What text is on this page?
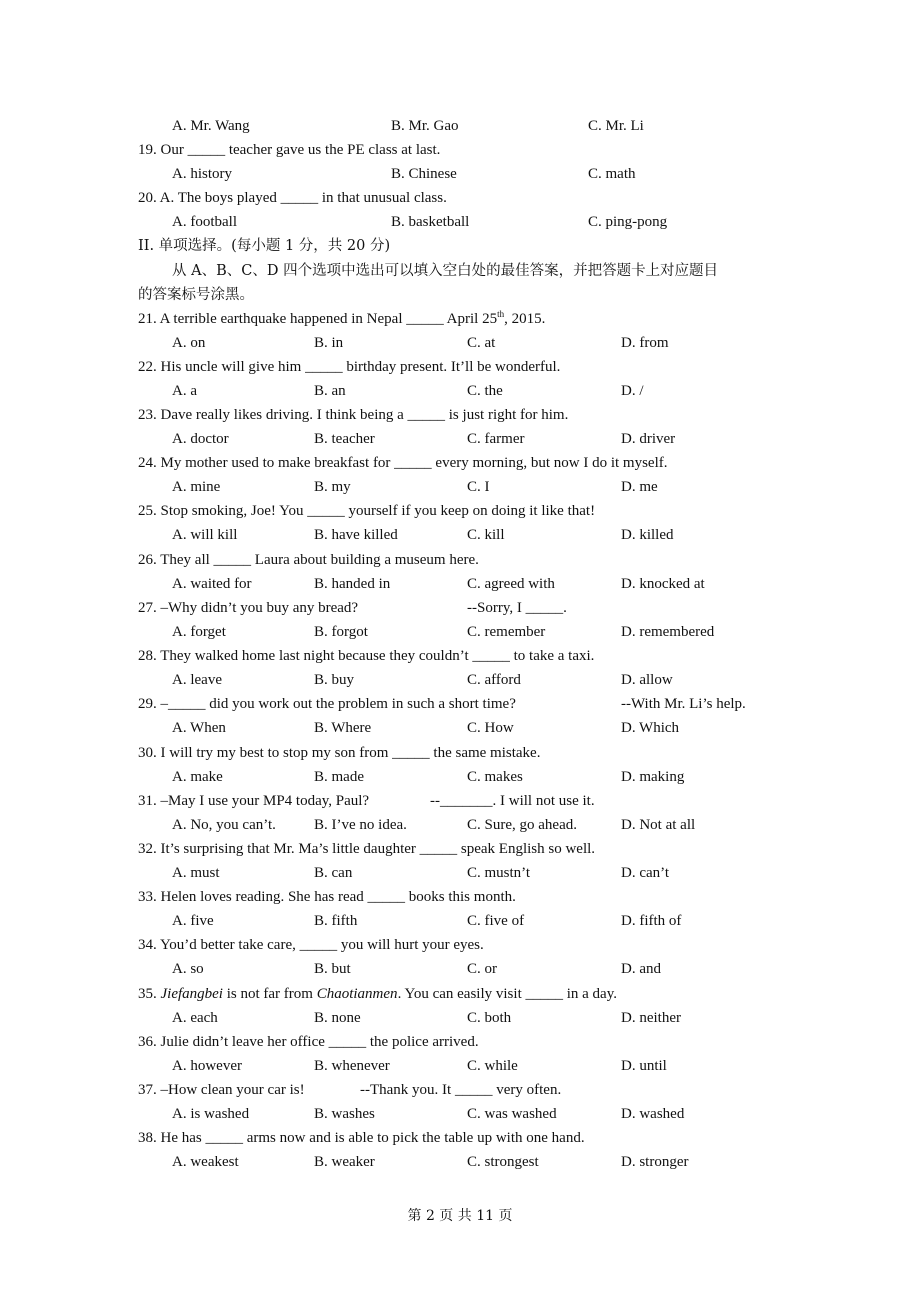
A. Mr. Wang	B. Mr. Gao	C. Mr. Li
19. Our _____ teacher gave us the PE class at last.
A. history	B. Chinese	C. math
20. A. The boys played _____ in that unusual class.
A. football	B. basketball	C. ping-pong
II. 单项选择。(每小题 1 分，共 20 分)
从 A、B、C、D 四个选项中选出可以填入空白处的最佳答案，并把答题卡上对应题目
的答案标号涂黑。
21. A terrible earthquake happened in Nepal _____ April 25th, 2015.
A. on	B. in	C. at	D. from
22. His uncle will give him _____ birthday present. It’ll be wonderful.
A. a	B. an	C. the	D. /
23. Dave really likes driving. I think being a _____ is just right for him.
A. doctor	B. teacher	C. farmer	D. driver
24. My mother used to make breakfast for _____ every morning, but now I do it myself.
A. mine	B. my	C. I	D. me
25. Stop smoking, Joe! You _____ yourself if you keep on doing it like that!
A. will kill	B. have killed	C. kill	D. killed
26. They all _____ Laura about building a museum here.
A. waited for	B. handed in	C. agreed with	D. knocked at
27. –Why didn’t you buy any bread?	--Sorry, I _____.
A. forget	B. forgot	C. remember	D. remembered
28. They walked home last night because they couldn’t _____ to take a taxi.
A. leave	B. buy	C. afford	D. allow
29. –_____ did you work out the problem in such a short time?	--With Mr. Li’s help.
A. When	B. Where	C. How	D. Which
30. I will try my best to stop my son from _____ the same mistake.
A. make	B. made	C. makes	D. making
31. –May I use your MP4 today, Paul?	--_______. I will not use it.
A. No, you can’t.	B. I’ve no idea.	C. Sure, go ahead.	D. Not at all
32. It’s surprising that Mr. Ma’s little daughter _____ speak English so well.
A. must	B. can	C. mustn’t	D. can’t
33. Helen loves reading. She has read _____ books this month.
A. five	B. fifth	C. five of	D. fifth of
34. You’d better take care, _____ you will hurt your eyes.
A. so	B. but	C. or	D. and
35. Jiefangbei is not far from Chaotianmen. You can easily visit _____ in a day.
A. each	B. none	C. both	D. neither
36. Julie didn’t leave her office _____ the police arrived.
A. however	B. whenever	C. while	D. until
37. –How clean your car is!	--Thank you. It _____ very often.
A. is washed	B. washes	C. was washed	D. washed
38. He has _____ arms now and is able to pick the table up with one hand.
A. weakest	B. weaker	C. strongest	D. stronger
第 2 页 共 11 页
